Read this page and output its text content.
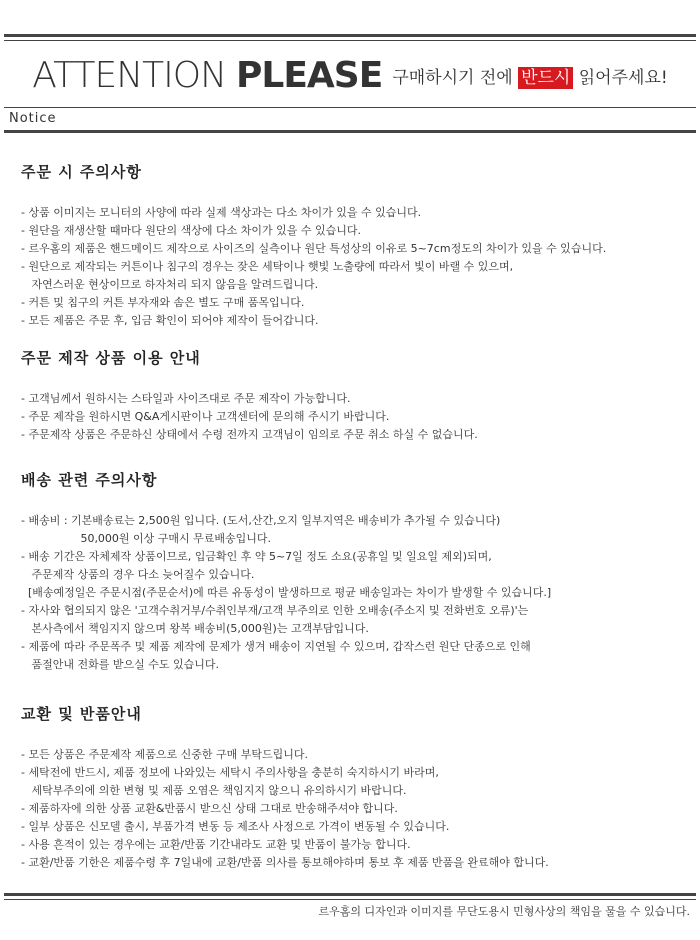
ATTENTION PLEASE 구매하시기 전에 반드시 읽어주세요!
Notice
주문 시 주의사항
- 상품 이미지는 모니터의 사양에 따라 실제 색상과는 다소 차이가 있을 수 있습니다.
- 원단을 재생산할 때마다 원단의 색상에 다소 차이가 있을 수 있습니다.
- 르우홈의 제품은 핸드메이드 제작으로 사이즈의 실측이나 원단 특성상의 이유로 5~7cm정도의 차이가 있을 수 있습니다.
- 원단으로 제작되는 커튼이나 침구의 경우는 잦은 세탁이나 햇빛 노출량에 따라서 빛이 바랠 수 있으며,
자연스러운 현상이므로 하자처리 되지 않음을 알려드립니다.
- 커튼 및 침구의 커튼 부자재와 솜은 별도 구매 품목입니다.
- 모든 제품은 주문 후, 입금 확인이 되어야 제작이 들어갑니다.
주문 제작 상품 이용 안내
- 고객님께서 원하시는 스타일과 사이즈대로 주문 제작이 가능합니다.
- 주문 제작을 원하시면 Q&A게시판이나 고객센터에 문의해 주시기 바랍니다.
- 주문제작 상품은 주문하신 상태에서 수령 전까지 고객님이 임의로 주문 취소 하실 수 없습니다.
배송 관련 주의사항
- 배송비 : 기본배송료는 2,500원 입니다. (도서,산간,오지 일부지역은 배송비가 추가될 수 있습니다)
50,000원 이상 구매시 무료배송입니다.
- 배송 기간은 자체제작 상품이므로, 입금확인 후 약 5~7일 정도 소요(공휴일 및 일요일 제외)되며,
주문제작 상품의 경우 다소 늦어질수 있습니다.
[배송예정일은 주문시점(주문순서)에 따른 유동성이 발생하므로 평균 배송일과는 차이가 발생할 수 있습니다.]
- 자사와 협의되지 않은 '고객수취거부/수취인부재/고객 부주의로 인한 오배송(주소지 및 전화번호 오류)'는
본사측에서 책임지지 않으며 왕복 배송비(5,000원)는 고객부담입니다.
- 제품에 따라 주문폭주 및 제품 제작에 문제가 생겨 배송이 지연될 수 있으며, 갑작스런 원단 단종으로 인해
품절안내 전화를 받으실 수도 있습니다.
교환 및 반품안내
- 모든 상품은 주문제작 제품으로 신중한 구매 부탁드립니다.
- 세탁전에 반드시, 제품 정보에 나와있는 세탁시 주의사항을 충분히 숙지하시기 바라며,
세탁부주의에 의한 변형 및 제품 오염은 책임지지 않으니 유의하시기 바랍니다.
- 제품하자에 의한 상품 교환&반품시 받으신 상태 그대로 반송해주셔야 합니다.
- 일부 상품은 신모델 출시, 부품가격 변동 등 제조사 사정으로 가격이 변동될 수 있습니다.
- 사용 흔적이 있는 경우에는 교환/반품 기간내라도 교환 및 반품이 불가능 합니다.
- 교환/반품 기한은 제품수령 후 7일내에 교환/반품 의사를 통보해야하며 통보 후 제품 반품을 완료해야 합니다.
르우홈의 디자인과 이미지를 무단도용시 민형사상의 책임을 물을 수 있습니다.
